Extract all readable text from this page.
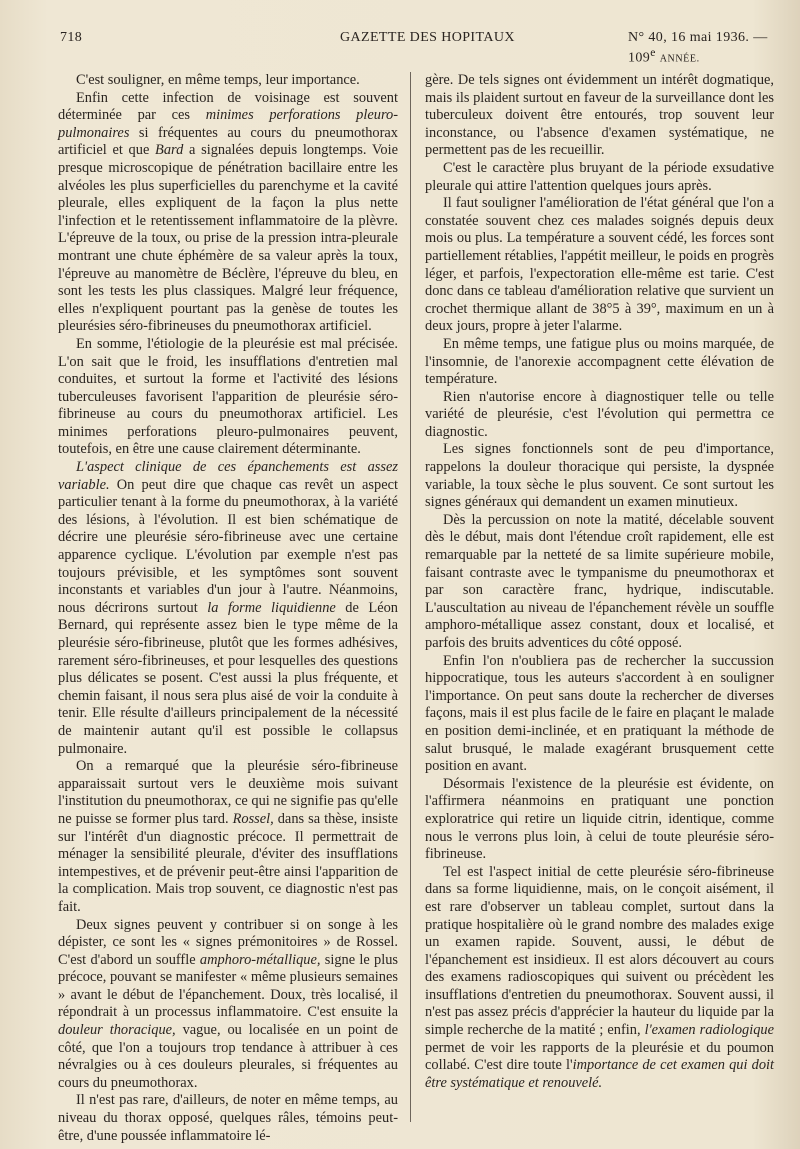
718	GAZETTE DES HOPITAUX	N° 40, 16 mai 1936. — 109e ANNÉE.

C'est souligner, en même temps, leur importance.

Enfin cette infection de voisinage est souvent déterminée par ces minimes perforations pleuro-pulmonaires si fréquentes au cours du pneumothorax artificiel et que Bard a signalées depuis longtemps. Voie presque microscopique de pénétration bacillaire entre les alvéoles les plus superficielles du parenchyme et la cavité pleurale, elles expliquent de la façon la plus nette l'infection et le retentissement inflammatoire de la plèvre. L'épreuve de la toux, ou prise de la pression intra-pleurale montrant une chute éphémère de sa valeur après la toux, l'épreuve au manomètre de Béclère, l'épreuve du bleu, en sont les tests les plus classiques. Malgré leur fréquence, elles n'expliquent pourtant pas la genèse de toutes les pleurésies séro-fibrineuses du pneumothorax artificiel.

En somme, l'étiologie de la pleurésie est mal précisée. L'on sait que le froid, les insufflations d'entretien mal conduites, et surtout la forme et l'activité des lésions tuberculeuses favorisent l'apparition de pleurésie séro-fibrineuse au cours du pneumothorax artificiel. Les minimes perforations pleuro-pulmonaires peuvent, toutefois, en être une cause clairement déterminante.

L'aspect clinique de ces épanchements est assez variable. On peut dire que chaque cas revêt un aspect particulier tenant à la forme du pneumothorax, à la variété des lésions, à l'évolution. Il est bien schématique de décrire une pleurésie séro-fibrineuse avec une certaine apparence cyclique. L'évolution par exemple n'est pas toujours prévisible, et les symptômes sont souvent inconstants et variables d'un jour à l'autre. Néanmoins, nous décrirons surtout la forme liquidienne de Léon Bernard, qui représente assez bien le type même de la pleurésie séro-fibrineuse, plutôt que les formes adhésives, rarement séro-fibrineuses, et pour lesquelles des questions plus délicates se posent. C'est aussi la plus fréquente, et chemin faisant, il nous sera plus aisé de voir la conduite à tenir. Elle résulte d'ailleurs principalement de la nécessité de maintenir autant qu'il est possible le collapsus pulmonaire.

On a remarqué que la pleurésie séro-fibrineuse apparaissait surtout vers le deuxième mois suivant l'institution du pneumothorax, ce qui ne signifie pas qu'elle ne puisse se former plus tard. Rossel, dans sa thèse, insiste sur l'intérêt d'un diagnostic précoce. Il permettrait de ménager la sensibilité pleurale, d'éviter des insufflations intempestives, et de prévenir peut-être ainsi l'apparition de la complication. Mais trop souvent, ce diagnostic n'est pas fait.

Deux signes peuvent y contribuer si on songe à les dépister, ce sont les « signes prémonitoires » de Rossel. C'est d'abord un souffle amphoro-métallique, signe le plus précoce, pouvant se manifester « même plusieurs semaines » avant le début de l'épanchement. Doux, très localisé, il répondrait à un processus inflammatoire. C'est ensuite la douleur thoracique, vague, ou localisée en un point de côté, que l'on a toujours trop tendance à attribuer à ces névralgies ou à ces douleurs pleurales, si fréquentes au cours du pneumothorax.

Il n'est pas rare, d'ailleurs, de noter en même temps, au niveau du thorax opposé, quelques râles, témoins peut-être, d'une poussée inflammatoire lé-

gère. De tels signes ont évidemment un intérêt dogmatique, mais ils plaident surtout en faveur de la surveillance dont les tuberculeux doivent être entourés, trop souvent leur inconstance, ou l'absence d'examen systématique, ne permettent pas de les recueillir.

C'est le caractère plus bruyant de la période exsudative pleurale qui attire l'attention quelques jours après.

Il faut souligner l'amélioration de l'état général que l'on a constatée souvent chez ces malades soignés depuis deux mois ou plus. La température a souvent cédé, les forces sont partiellement rétablies, l'appétit meilleur, le poids en progrès léger, et parfois, l'expectoration elle-même est tarie. C'est donc dans ce tableau d'amélioration relative que survient un crochet thermique allant de 38°5 à 39°, maximum en un à deux jours, propre à jeter l'alarme.

En même temps, une fatigue plus ou moins marquée, de l'insomnie, de l'anorexie accompagnent cette élévation de température.

Rien n'autorise encore à diagnostiquer telle ou telle variété de pleurésie, c'est l'évolution qui permettra ce diagnostic.

Les signes fonctionnels sont de peu d'importance, rappelons la douleur thoracique qui persiste, la dyspnée variable, la toux sèche le plus souvent. Ce sont surtout les signes généraux qui demandent un examen minutieux.

Dès la percussion on note la matité, décelable souvent dès le début, mais dont l'étendue croît rapidement, elle est remarquable par la netteté de sa limite supérieure mobile, faisant contraste avec le tympanisme du pneumothorax et par son caractère franc, hydrique, indiscutable. L'auscultation au niveau de l'épanchement révèle un souffle amphoro-métallique assez constant, doux et localisé, et parfois des bruits adventices du côté opposé.

Enfin l'on n'oubliera pas de rechercher la succussion hippocratique, tous les auteurs s'accordent à en souligner l'importance. On peut sans doute la rechercher de diverses façons, mais il est plus facile de le faire en plaçant le malade en position demi-inclinée, et en pratiquant la méthode de salut brusqué, le malade exagérant brusquement cette position en avant.

Désormais l'existence de la pleurésie est évidente, on l'affirmera néanmoins en pratiquant une ponction exploratrice qui retire un liquide citrin, identique, comme nous le verrons plus loin, à celui de toute pleurésie séro-fibrineuse.

Tel est l'aspect initial de cette pleurésie séro-fibrineuse dans sa forme liquidienne, mais, on le conçoit aisément, il est rare d'observer un tableau complet, surtout dans la pratique hospitalière où le grand nombre des malades exige un examen rapide. Souvent, aussi, le début de l'épanchement est insidieux. Il est alors découvert au cours des examens radioscopiques qui suivent ou précèdent les insufflations d'entretien du pneumothorax. Souvent aussi, il n'est pas assez précis d'apprécier la hauteur du liquide par la simple recherche de la matité ; enfin, l'examen radiologique permet de voir les rapports de la pleurésie et du poumon collabé. C'est dire toute l'importance de cet examen qui doit être systématique et renouvelé.
